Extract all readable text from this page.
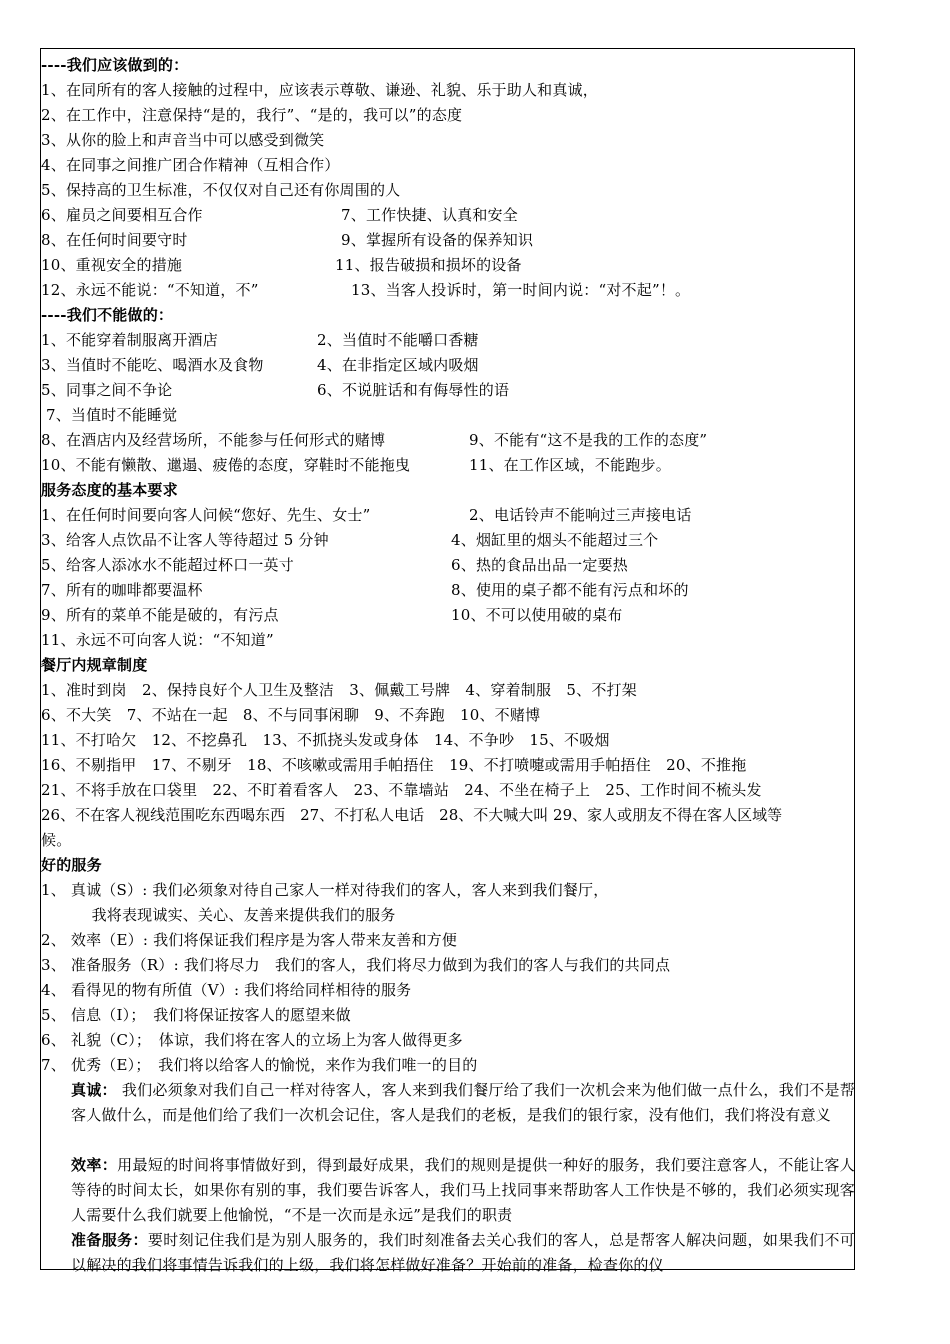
----我们应该做到的：
1、在同所有的客人接触的过程中，应该表示尊敬、谦逊、礼貌、乐于助人和真诚，
2、在工作中，注意保持“是的，我行”、“是的，我可以”的态度
3、从你的脸上和声音当中可以感受到微笑
4、在同事之间推广团合作精神（互相合作）
5、保持高的卫生标准，不仅仅对自己还有你周围的人
6、雇员之间要相互合作	7、工作快捷、认真和安全
8、在任何时间要守时	9、掌握所有设备的保养知识
10、重视安全的措施	11、报告破损和损坏的设备
12、永远不能说：“不知道，不”	13、当客人投诉时，第一时间内说：“对不起”！。
----我们不能做的：
1、不能穿着制服离开酒店	2、当值时不能嚼口香糖
3、当值时不能吃、喝酒水及食物	4、在非指定区域内吸烟
5、同事之间不争论	6、不说脏话和有侮辱性的语
7、当值时不能睡觉
8、在酒店内及经营场所，不能参与任何形式的赌博	9、不能有“这不是我的工作的态度”
10、不能有懒散、邋遢、疲倦的态度，穿鞋时不能拖曳	11、在工作区域，不能跑步。
服务态度的基本要求
1、在任何时间要向客人问候“您好、先生、女士”	2、电话铃声不能响过三声接电话
3、给客人点饮品不让客人等待超过 5 分钟	4、烟缸里的烟头不能超过三个
5、给客人添冰水不能超过杯口一英寸	6、热的食品出品一定要热
7、所有的咖啡都要温杯	8、使用的桌子都不能有污点和坏的
9、所有的菜单不能是破的，有污点	10、不可以使用破的桌布
11、永远不可向客人说：“不知道”
餐厅内规章制度
1、准时到岗　2、保持良好个人卫生及整洁　3、佩戴工号牌　4、穿着制服　5、不打架
6、不大笑　7、不站在一起　8、不与同事闲聊　9、不奔跑　10、不赌博
11、不打哈欠　12、不挖鼻孔　13、不抓挠头发或身体　14、不争吵　15、不吸烟
16、不剔指甲　17、不剔牙　18、不咳嗽或需用手帕捂住　19、不打喷嚏或需用手帕捂住　20、不推拖
21、不将手放在口袋里　22、不盯着看客人　23、不靠墙站　24、不坐在椅子上　25、工作时间不梳头发
26、不在客人视线范围吃东西喝东西　27、不打私人电话　28、不大喊大叫 29、家人或朋友不得在客人区域等
候。
好的服务
1、 真诚（S）: 我们必须象对待自己家人一样对待我们的客人，客人来到我们餐厅，
　　　 我将表现诚实、关心、友善来提供我们的服务
2、 效率（E）: 我们将保证我们程序是为客人带来友善和方便
3、 准备服务（R）: 我们将尽力　我们的客人，我们将尽力做到为我们的客人与我们的共同点
4、 看得见的物有所值（V）: 我们将给同样相待的服务
5、 信息（I）；　我们将保证按客人的愿望来做
6、 礼貌（C）；　体谅，我们将在客人的立场上为客人做得更多
7、 优秀（E）；　我们将以给客人的愉悦，来作为我们唯一的目的
真诚： 我们必须象对我们自己一样对待客人，客人来到我们餐厅给了我们一次机会来为他们做一点什么，我们不是帮客人做什么，而是他们给了我们一次机会记住，客人是我们的老板，是我们的银行家，没有他们，我们将没有意义
效率：用最短的时间将事情做好到，得到最好成果，我们的规则是提供一种好的服务，我们要注意客人，不能让客人等待的时间太长，如果你有别的事，我们要告诉客人，我们马上找同事来帮助客人工作快是不够的，我们必须实现客人需要什么我们就要上他愉悦，“不是一次而是永远”是我们的职责
准备服务：要时刻记住我们是为别人服务的，我们时刻准备去关心我们的客人，总是帮客人解决问题，如果我们不可　　　以解决的我们将事情告诉我们的上级，我们将怎样做好准备？开始前的准备，检查你的仪
